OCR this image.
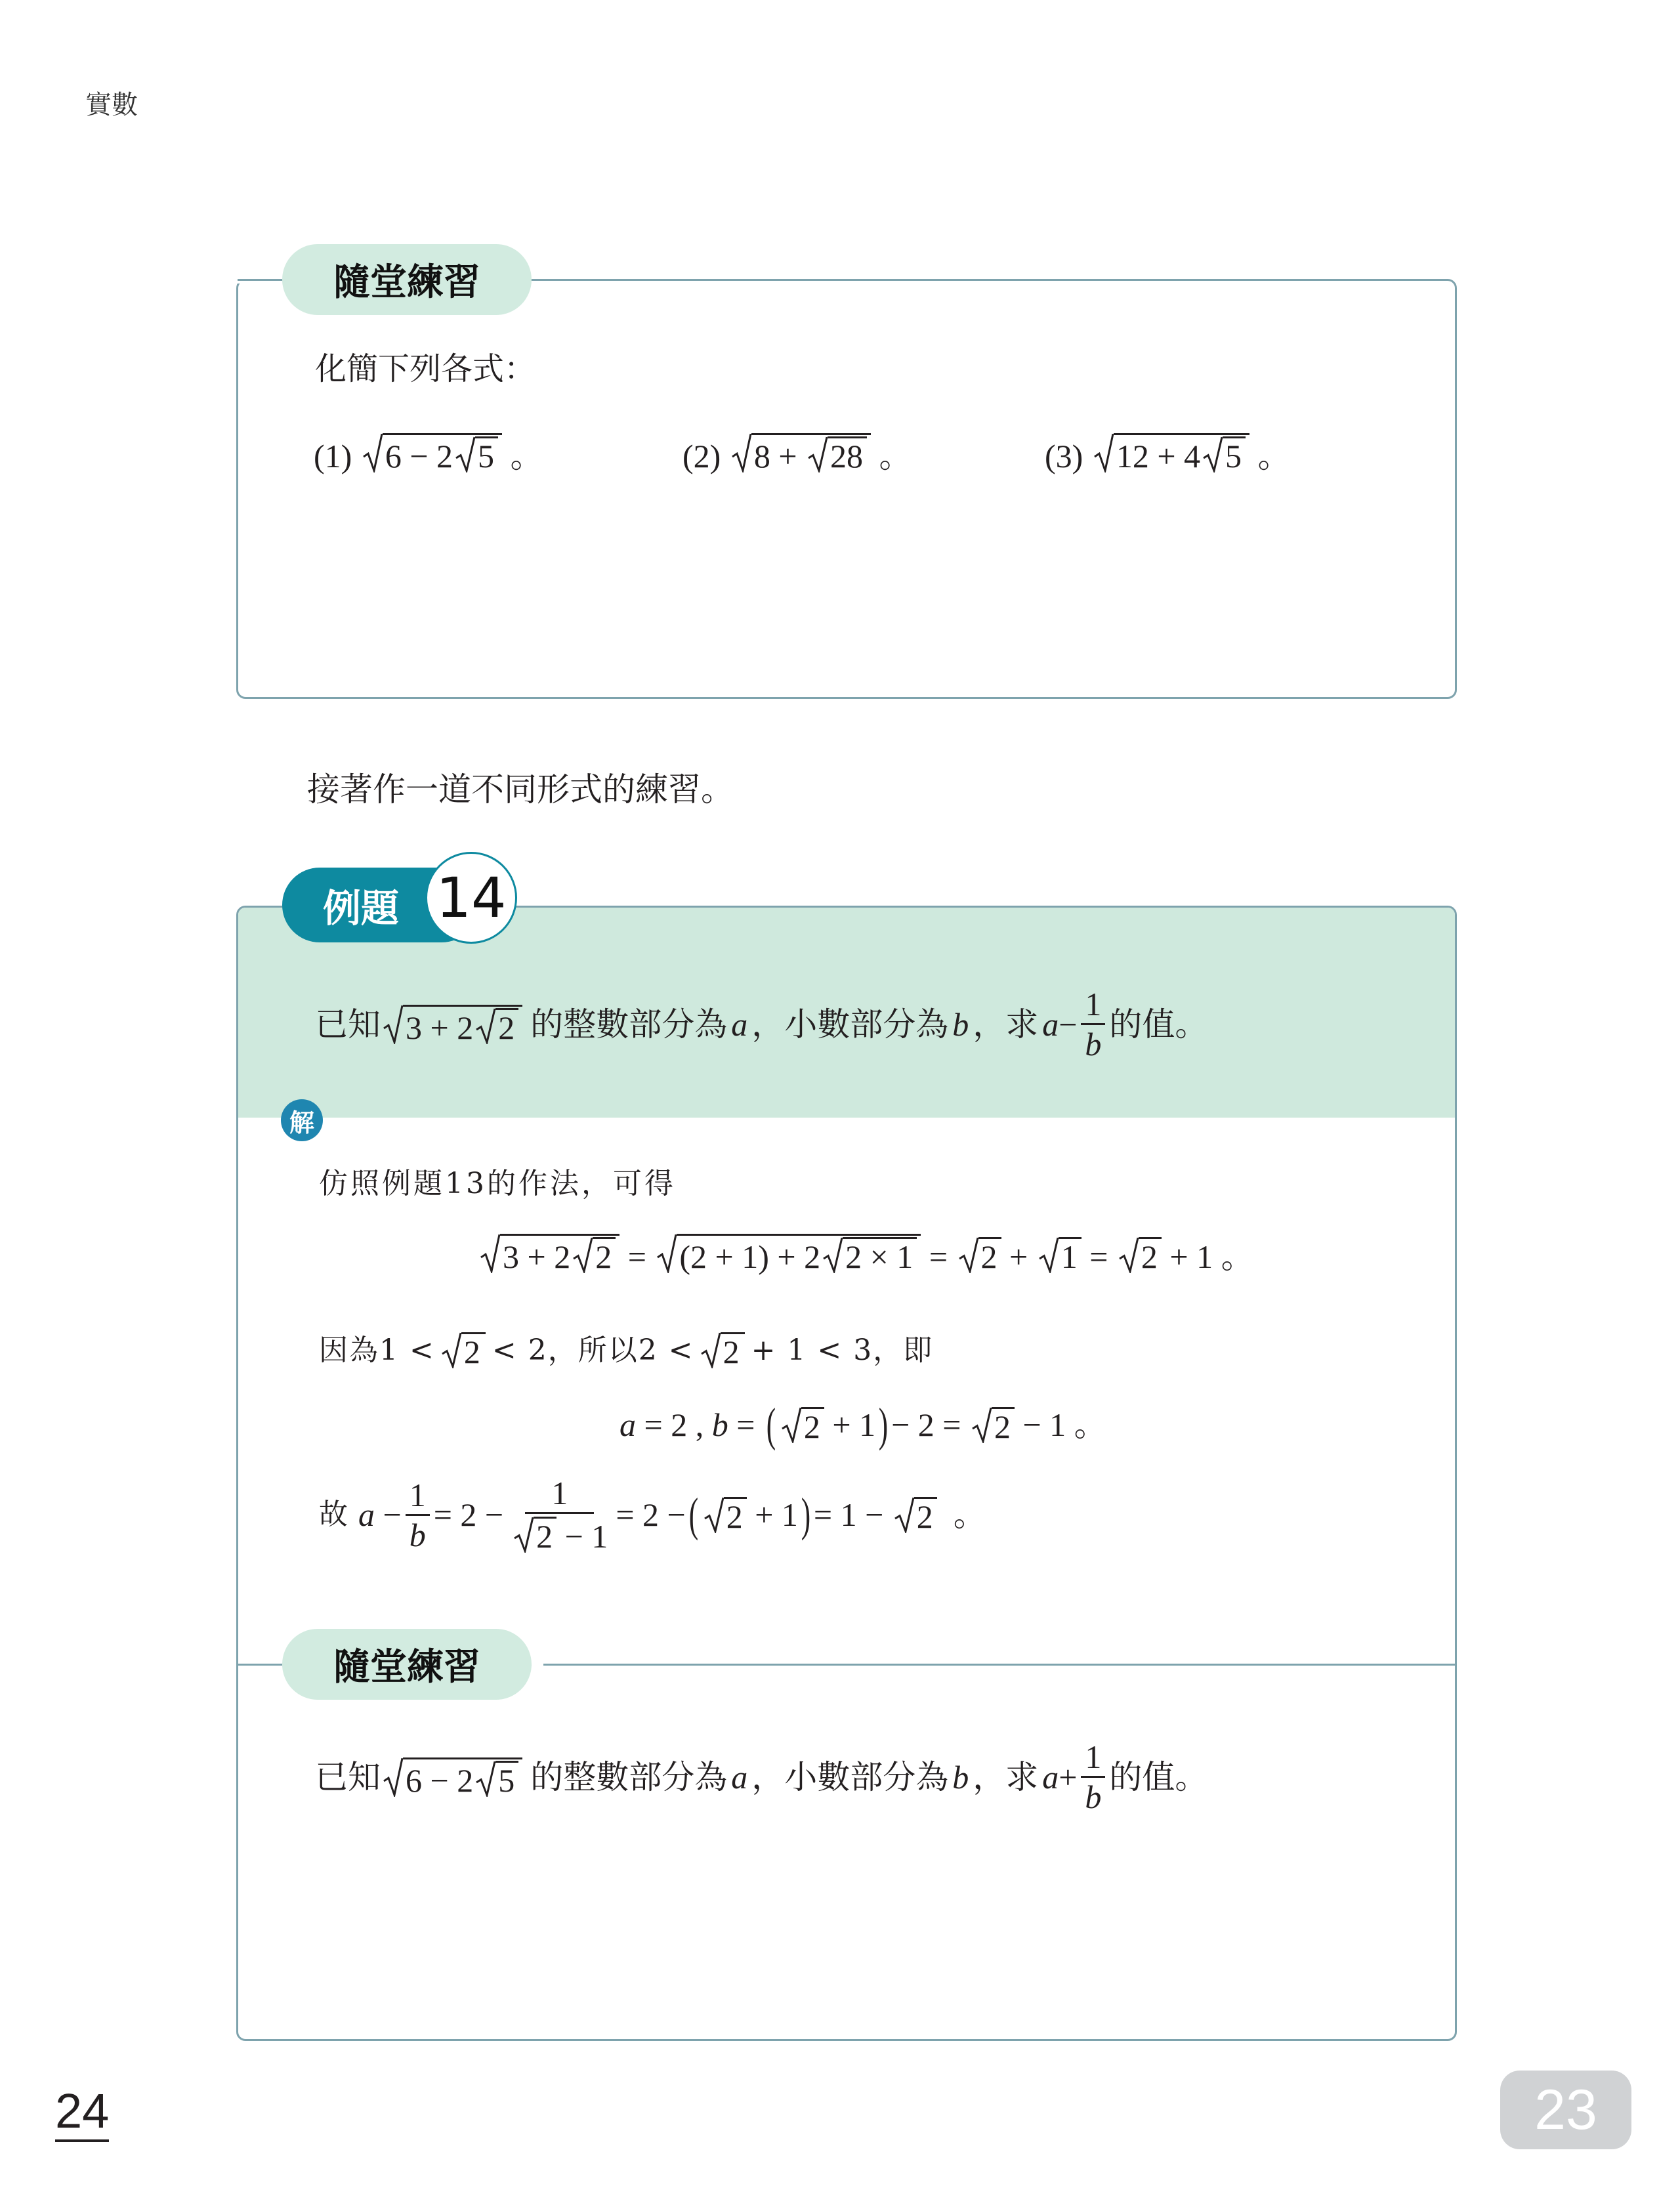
實數
隨堂練習
化簡下列各式：
(1) 6 − 2 5 。	(2) 8 + 28 。	(3) 12 + 4 5 。
接著作一道不同形式的練習。
例題 14
已知 3 + 2 2 的整數部分為 a ，小數部分為 b ，求 $a - \frac{1}{b}$ 的值。
解
仿照例題13的作法，可得
3 + 2 2 = (2 + 1) + 2 2 × 1 = 2 + 1 = 2 + 1 。
因為1 < 2 < 2，所以2 < 2 + 1 < 3，即
a = 2 , b = ( 2 + 1 ) − 2 = 2 − 1 。
故 $a - \frac{1}{b} = 2 - \frac{1}{2 - 1} = 2$ − ( 2 + 1 ) = 1 − 2 。
隨堂練習
已知 6 − 2 5 的整數部分為 a ，小數部分為 b ，求 $a + \frac{1}{b}$ 的值。
24	23
